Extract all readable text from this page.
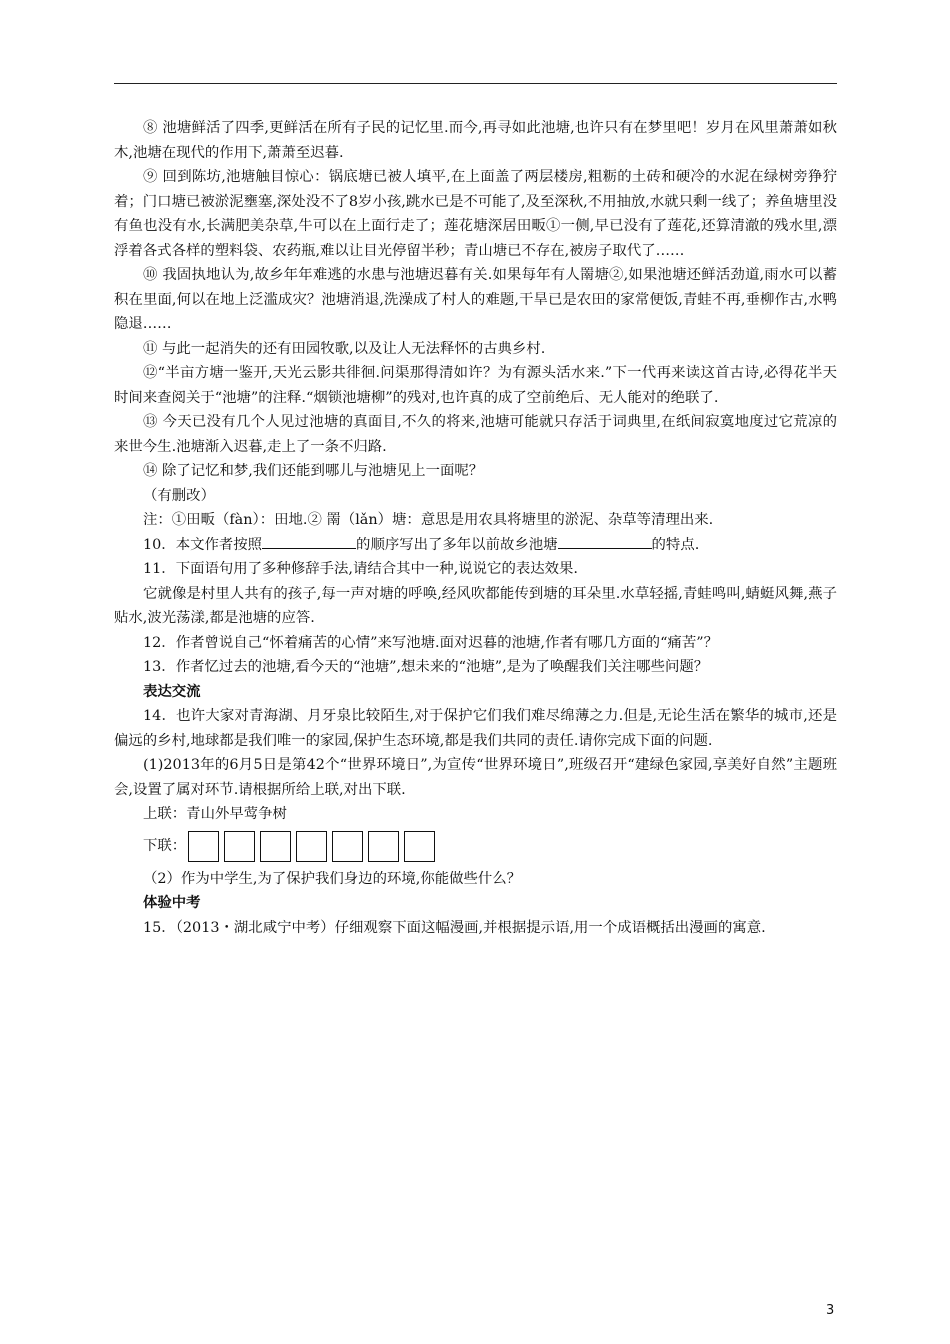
⑧ 池塘鲜活了四季,更鲜活在所有子民的记忆里.而今,再寻如此池塘,也许只有在梦里吧！岁月在风里萧萧如秋木,池塘在现代的作用下,萧萧至迟暮.

⑨ 回到陈坊,池塘触目惊心：锅底塘已被人填平,在上面盖了两层楼房,粗粝的土砖和硬冷的水泥在绿树旁狰狞着；门口塘已被淤泥壅塞,深处没不了8岁小孩,跳水已是不可能了,及至深秋,不用抽放,水就只剩一线了；养鱼塘里没有鱼也没有水,长满肥美杂草,牛可以在上面行走了；莲花塘深居田畈①一侧,早已没有了莲花,还算清澈的残水里,漂浮着各式各样的塑料袋、农药瓶,难以让目光停留半秒；青山塘已不存在,被房子取代了……

⑩ 我固执地认为,故乡年年难逃的水患与池塘迟暮有关.如果每年有人罱塘②,如果池塘还鲜活劲道,雨水可以蓄积在里面,何以在地上泛滥成灾？池塘消退,洗澡成了村人的难题,干旱已是农田的家常便饭,青蛙不再,垂柳作古,水鸭隐退……

⑪ 与此一起消失的还有田园牧歌,以及让人无法释怀的古典乡村.

⑫“半亩方塘一鉴开,天光云影共徘徊.问渠那得清如许？为有源头活水来.”下一代再来读这首古诗,必得花半天时间来查阅关于“池塘”的注释.“烟锁池塘柳”的残对,也许真的成了空前绝后、无人能对的绝联了.

⑬ 今天已没有几个人见过池塘的真面目,不久的将来,池塘可能就只存活于词典里,在纸间寂寞地度过它荒凉的来世今生.池塘渐入迟暮,走上了一条不归路.

⑭ 除了记忆和梦,我们还能到哪儿与池塘见上一面呢？

（有删改）

注：①田畈（fàn）：田地.② 罱（lǎn）塘：意思是用农具将塘里的淤泥、杂草等清理出来.

10．本文作者按照	的顺序写出了多年以前故乡池塘	的特点.

11．下面语句用了多种修辞手法,请结合其中一种,说说它的表达效果.

它就像是村里人共有的孩子,每一声对塘的呼唤,经风吹都能传到塘的耳朵里.水草轻摇,青蛙鸣叫,蜻蜓风舞,燕子贴水,波光荡漾,都是池塘的应答.

12．作者曾说自己“怀着痛苦的心情”来写池塘.面对迟暮的池塘,作者有哪几方面的“痛苦”？

13．作者忆过去的池塘,看今天的“池塘”,想未来的“池塘”,是为了唤醒我们关注哪些问题？

表达交流

14．也许大家对青海湖、月牙泉比较陌生,对于保护它们我们难尽绵薄之力.但是,无论生活在繁华的城市,还是偏远的乡村,地球都是我们唯一的家园,保护生态环境,都是我们共同的责任.请你完成下面的问题.

(1)2013年的6月5日是第42个“世界环境日”,为宣传“世界环境日”,班级召开“建绿色家园,享美好自然”主题班会,设置了属对环节.请根据所给上联,对出下联.

上联：青山外早莺争树

下联：

（2）作为中学生,为了保护我们身边的环境,你能做些什么？

体验中考

15．（2013・湖北咸宁中考）仔细观察下面这幅漫画,并根据提示语,用一个成语概括出漫画的寓意.

3
